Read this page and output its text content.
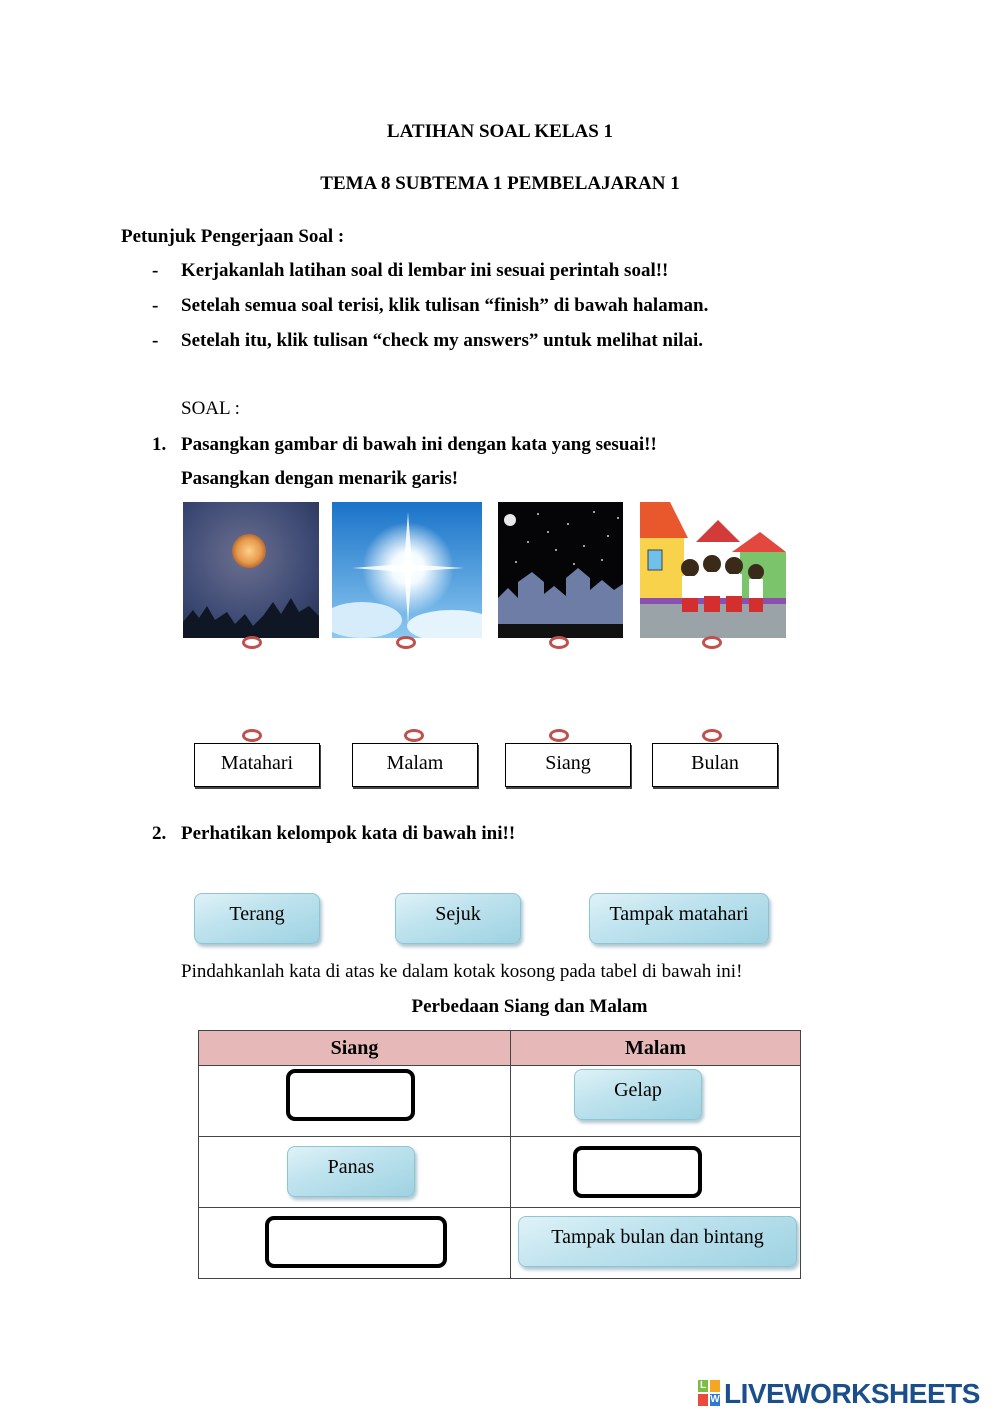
LATIHAN SOAL KELAS 1
TEMA 8 SUBTEMA 1 PEMBELAJARAN 1
Petunjuk Pengerjaan Soal :
- Kerjakanlah latihan soal di lembar ini sesuai perintah soal!!
- Setelah semua soal terisi, klik tulisan “finish” di bawah halaman.
- Setelah itu, klik tulisan “check my answers” untuk melihat nilai.
SOAL :
1. Pasangkan gambar di bawah ini dengan kata yang sesuai!!
Pasangkan dengan menarik garis!
Matahari	Malam	Siang	Bulan
2. Perhatikan kelompok kata di bawah ini!!
Terang	Sejuk	Tampak matahari
Pindahkanlah kata di atas ke dalam kotak kosong pada tabel di bawah ini!
Perbedaan Siang dan Malam
Siang	Malam

	Gelap

Panas	

	Tampak bulan dan bintang
L
W LIVEWORKSHEETS
